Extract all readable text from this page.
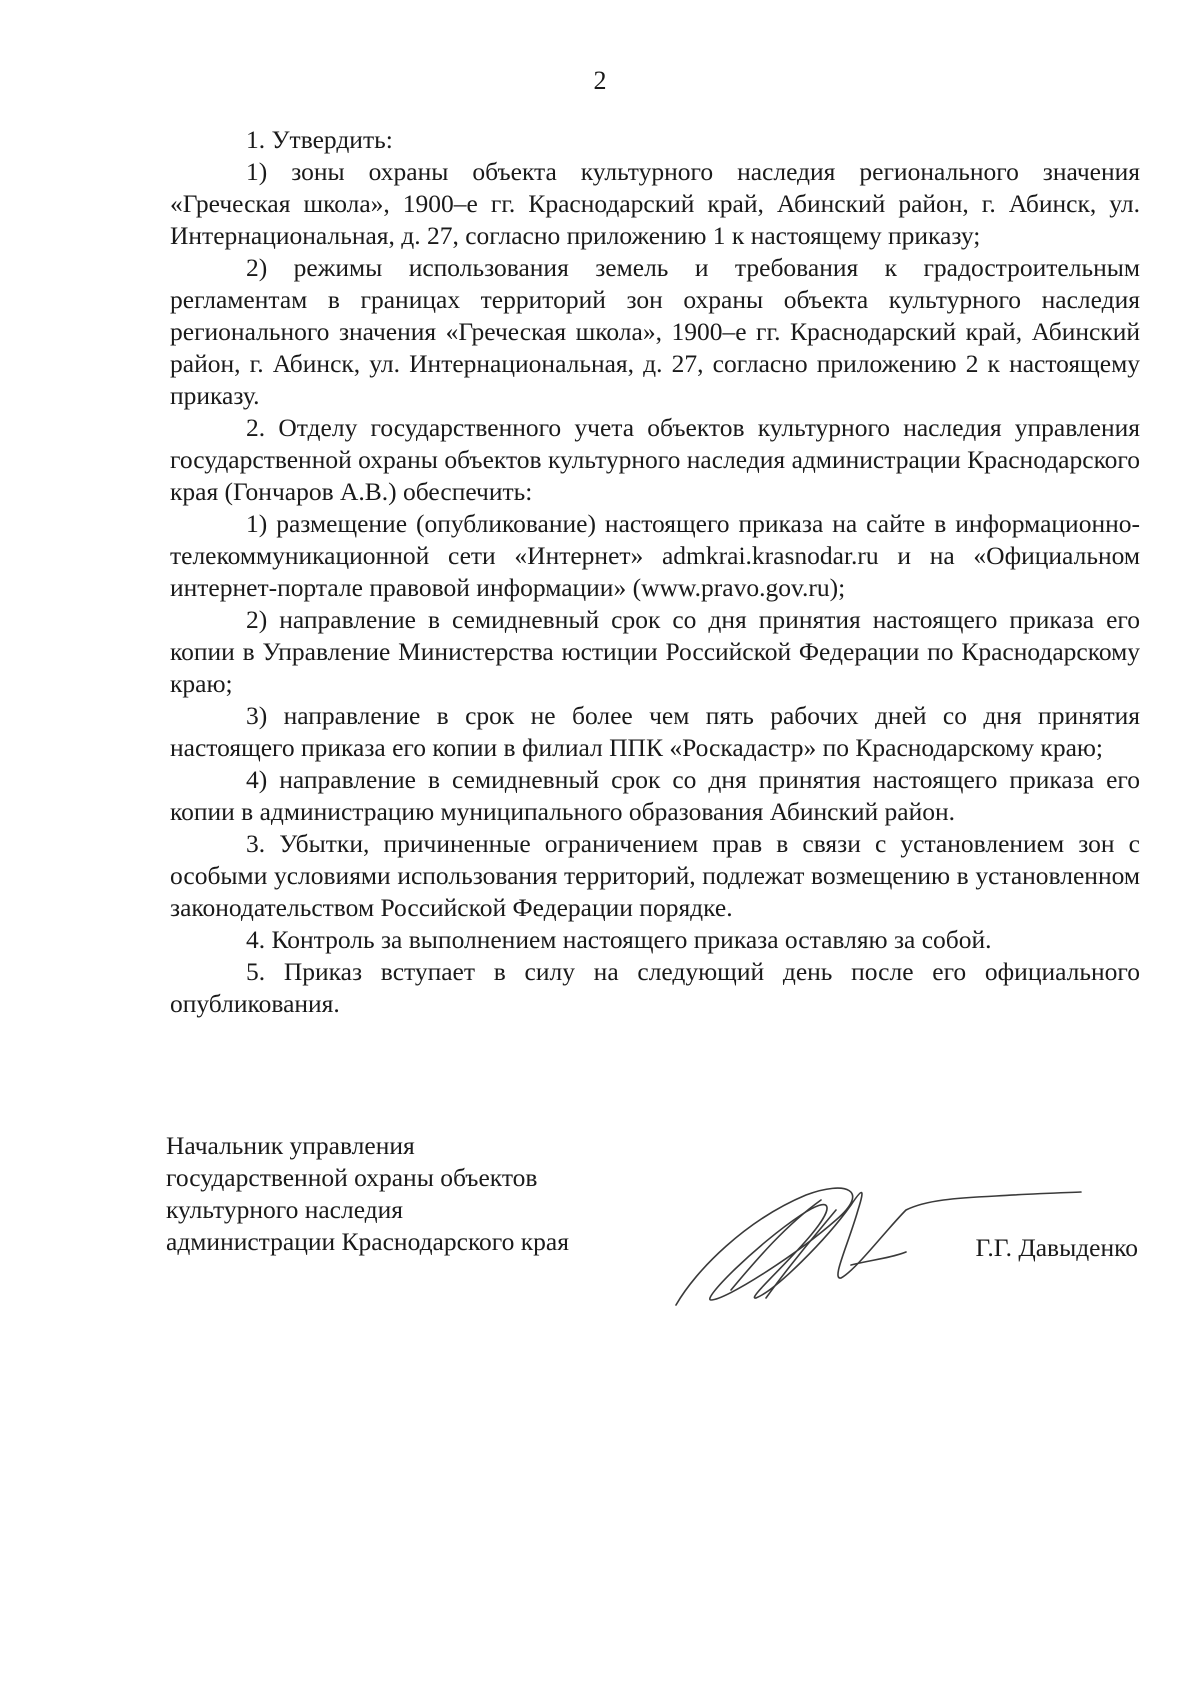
2

1. Утвердить:

1) зоны охраны объекта культурного наследия регионального значения «Греческая школа», 1900–е гг. Краснодарский край, Абинский район, г. Абинск, ул. Интернациональная, д. 27, согласно приложению 1 к настоящему приказу;

2) режимы использования земель и требования к градостроительным регламентам в границах территорий зон охраны объекта культурного наследия регионального значения «Греческая школа», 1900–е гг. Краснодарский край, Абинский район, г. Абинск, ул. Интернациональная, д. 27, согласно приложению 2 к настоящему приказу.

2. Отделу государственного учета объектов культурного наследия управления государственной охраны объектов культурного наследия администрации Краснодарского края (Гончаров А.В.) обеспечить:

1) размещение (опубликование) настоящего приказа на сайте в информационно-телекоммуникационной сети «Интернет» admkrai.krasnodar.ru и на «Официальном интернет-портале правовой информации» (www.pravo.gov.ru);

2) направление в семидневный срок со дня принятия настоящего приказа его копии в Управление Министерства юстиции Российской Федерации по Краснодарскому краю;

3) направление в срок не более чем пять рабочих дней со дня принятия настоящего приказа его копии в филиал ППК «Роскадастр» по Краснодарскому краю;

4) направление в семидневный срок со дня принятия настоящего приказа его копии в администрацию муниципального образования Абинский район.

3. Убытки, причиненные ограничением прав в связи с установлением зон с особыми условиями использования территорий, подлежат возмещению в установленном законодательством Российской Федерации порядке.

4. Контроль за выполнением настоящего приказа оставляю за собой.

5. Приказ вступает в силу на следующий день после его официального опубликования.

Начальник управления
государственной охраны объектов
культурного наследия
администрации Краснодарского края	Г.Г. Давыденко
